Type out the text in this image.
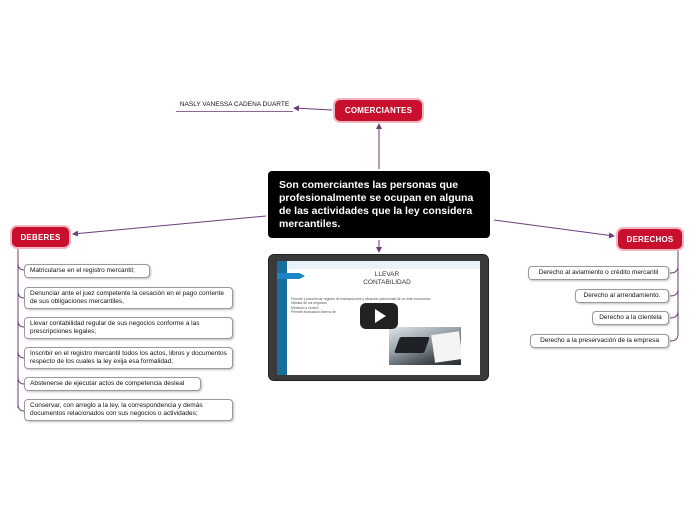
Son comerciantes las personas que profesionalmente se ocupan en alguna de las actividades que la ley considera mercantiles.
COMERCIANTES
NASLY VANESSA CADENA DUARTE
DEBERES
Matricularse en el registro mercantil;
Denunciar ante el juez competente la cesación en el pago corriente de sus obligaciones mercantiles,
Llevar contabilidad regular de sus negocios conforme a las prescripciones legales;
Inscribir en el registro mercantil todos los actos, libros y documentos respecto de los cuales la ley exija esa formalidad;
Abstenerse de ejecutar actos de competencia desleal
Conservar, con arreglo a la ley, la correspondencia y demás documentos relacionados con sus negocios o actividades;
DERECHOS
Derecho al aviamiento o crédito mercantil
Derecho al arrendamiento.
Derecho a la clientela
Derecho a la preservación de la empresa
LLEVAR
CONTABILIDAD
Permite y pasa llevar registro de transacciones y situación patrimonial de un ente económico.
Utilidad de los negocios
Medición y control
Permite evaluación interna de
